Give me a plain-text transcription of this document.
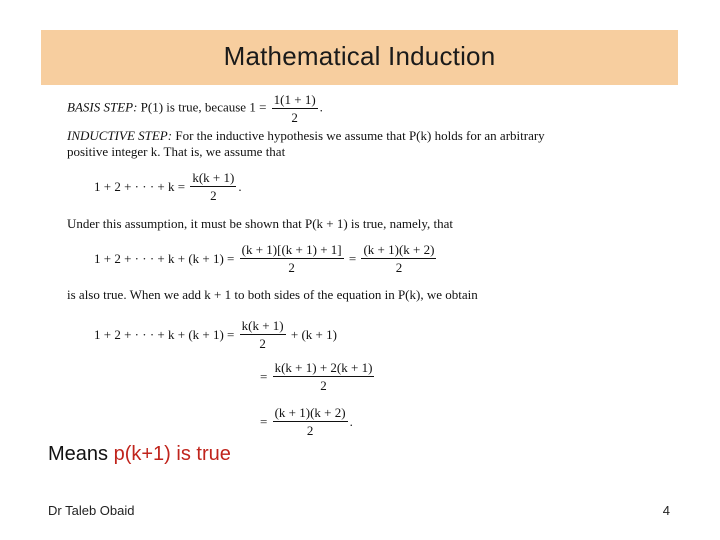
Mathematical Induction
BASIS STEP: P(1) is true, because $1 = \frac{1(1 + 1)}{2}$ .
INDUCTIVE STEP: For the inductive hypothesis we assume that P(k) holds for an arbitrary
positive integer k. That is, we assume that
1 + 2 + · · · + $k = \frac{k(k + 1)}{2}$ .
Under this assumption, it must be shown that P(k + 1) is true, namely, that
1 + 2 + · · · + $k + (k + 1) = \frac{(k + 1)[(k + 1) + 1]}{2} = \frac{(k + 1)(k + 2)}{2}$
is also true. When we add k + 1 to both sides of the equation in P(k), we obtain
1 + 2 + · · · + $k + (k + 1) = \frac{k(k + 1)}{2} + (k + 1)$
= $\frac{k(k + 1) + 2(k + 1)}{2}$
= $\frac{(k + 1)(k + 2)}{2}$ .
Means p(k+1) is true
Dr Taleb Obaid	4
